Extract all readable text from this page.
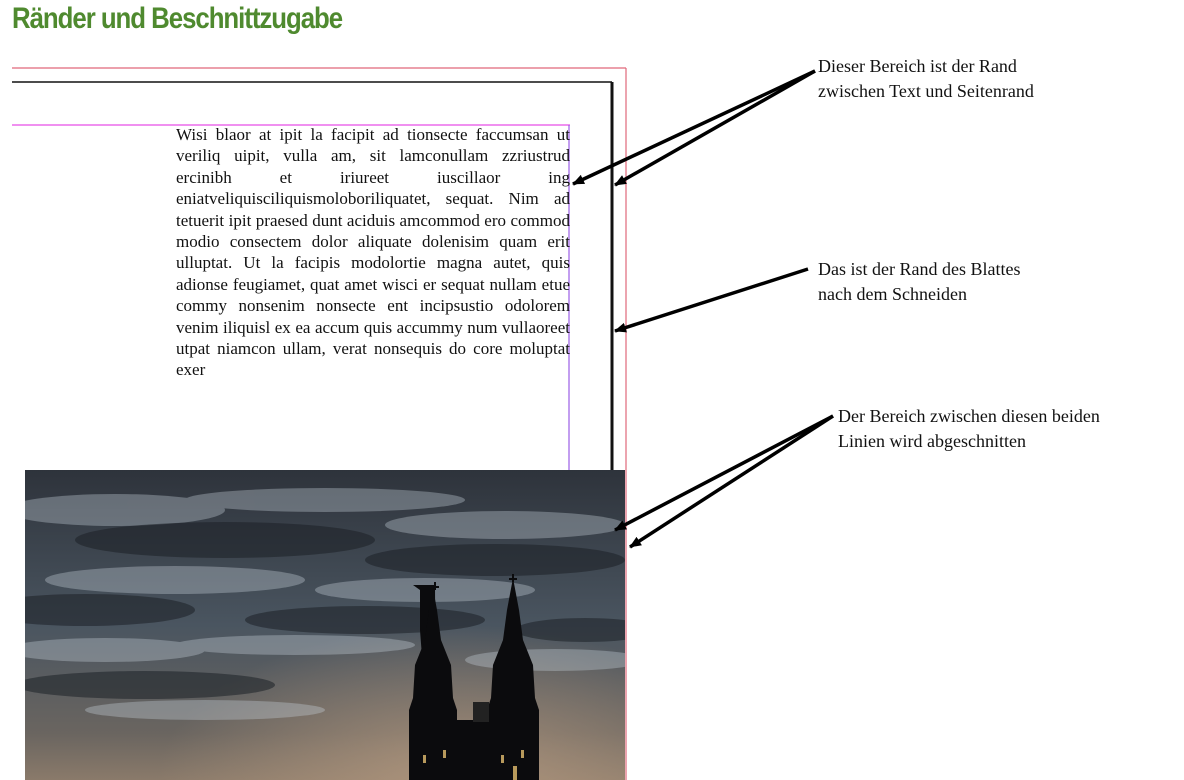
Ränder und Beschnittzugabe

Wisi blaor at ipit la facipit ad tionsecte faccumsan ut veriliq uipit, vulla am, sit lamconullam zzriustrud ercinibh et iriureet iuscillaor ing eniatveliquisciliquismoloboriliquatet, sequat. Nim ad tetuerit ipit praesed dunt aciduis amcommod ero commod modio consectem dolor aliquate dolenisim quam erit ulluptat. Ut la facipis modolortie magna autet, quis adionse feugiamet, quat amet wisci er sequat nullam etue commy nonsenim nonsecte ent incipsustio odolorem venim iliquisl ex ea accum quis accummy num vullaoreet utpat niamcon ullam, verat nonsequis do core moluptat exer

Dieser Bereich ist der Rand
zwischen Text und Seitenrand

Das ist der Rand des Blattes
nach dem Schneiden

Der Bereich zwischen diesen beiden
Linien wird abgeschnitten
